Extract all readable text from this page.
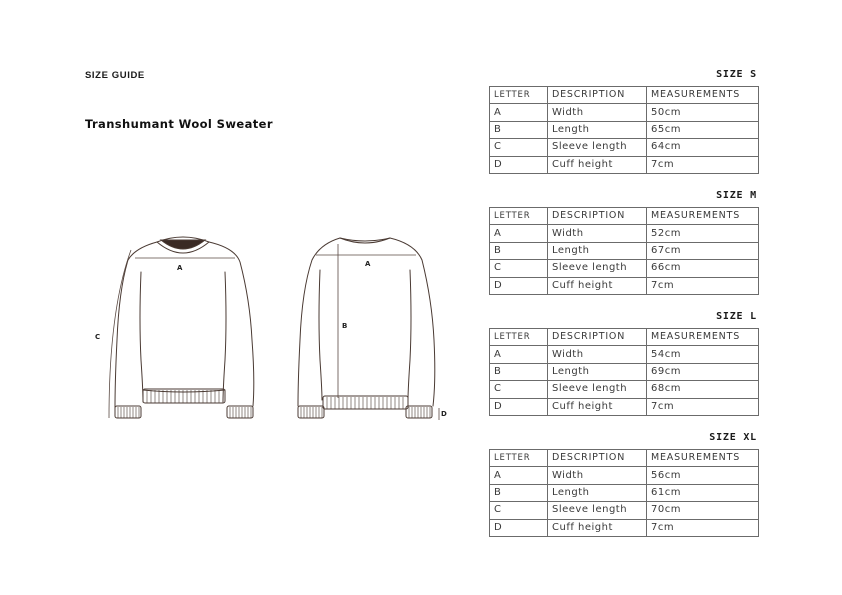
SIZE GUIDE
Transhumant Wool Sweater
A
C
A
B
D
SIZE S
LETTER	DESCRIPTION	MEASUREMENTS
A	Width	50cm
B	Length	65cm
C	Sleeve length	64cm
D	Cuff height	7cm
SIZE M
LETTER	DESCRIPTION	MEASUREMENTS
A	Width	52cm
B	Length	67cm
C	Sleeve length	66cm
D	Cuff height	7cm
SIZE L
LETTER	DESCRIPTION	MEASUREMENTS
A	Width	54cm
B	Length	69cm
C	Sleeve length	68cm
D	Cuff height	7cm
SIZE XL
LETTER	DESCRIPTION	MEASUREMENTS
A	Width	56cm
B	Length	61cm
C	Sleeve length	70cm
D	Cuff height	7cm
